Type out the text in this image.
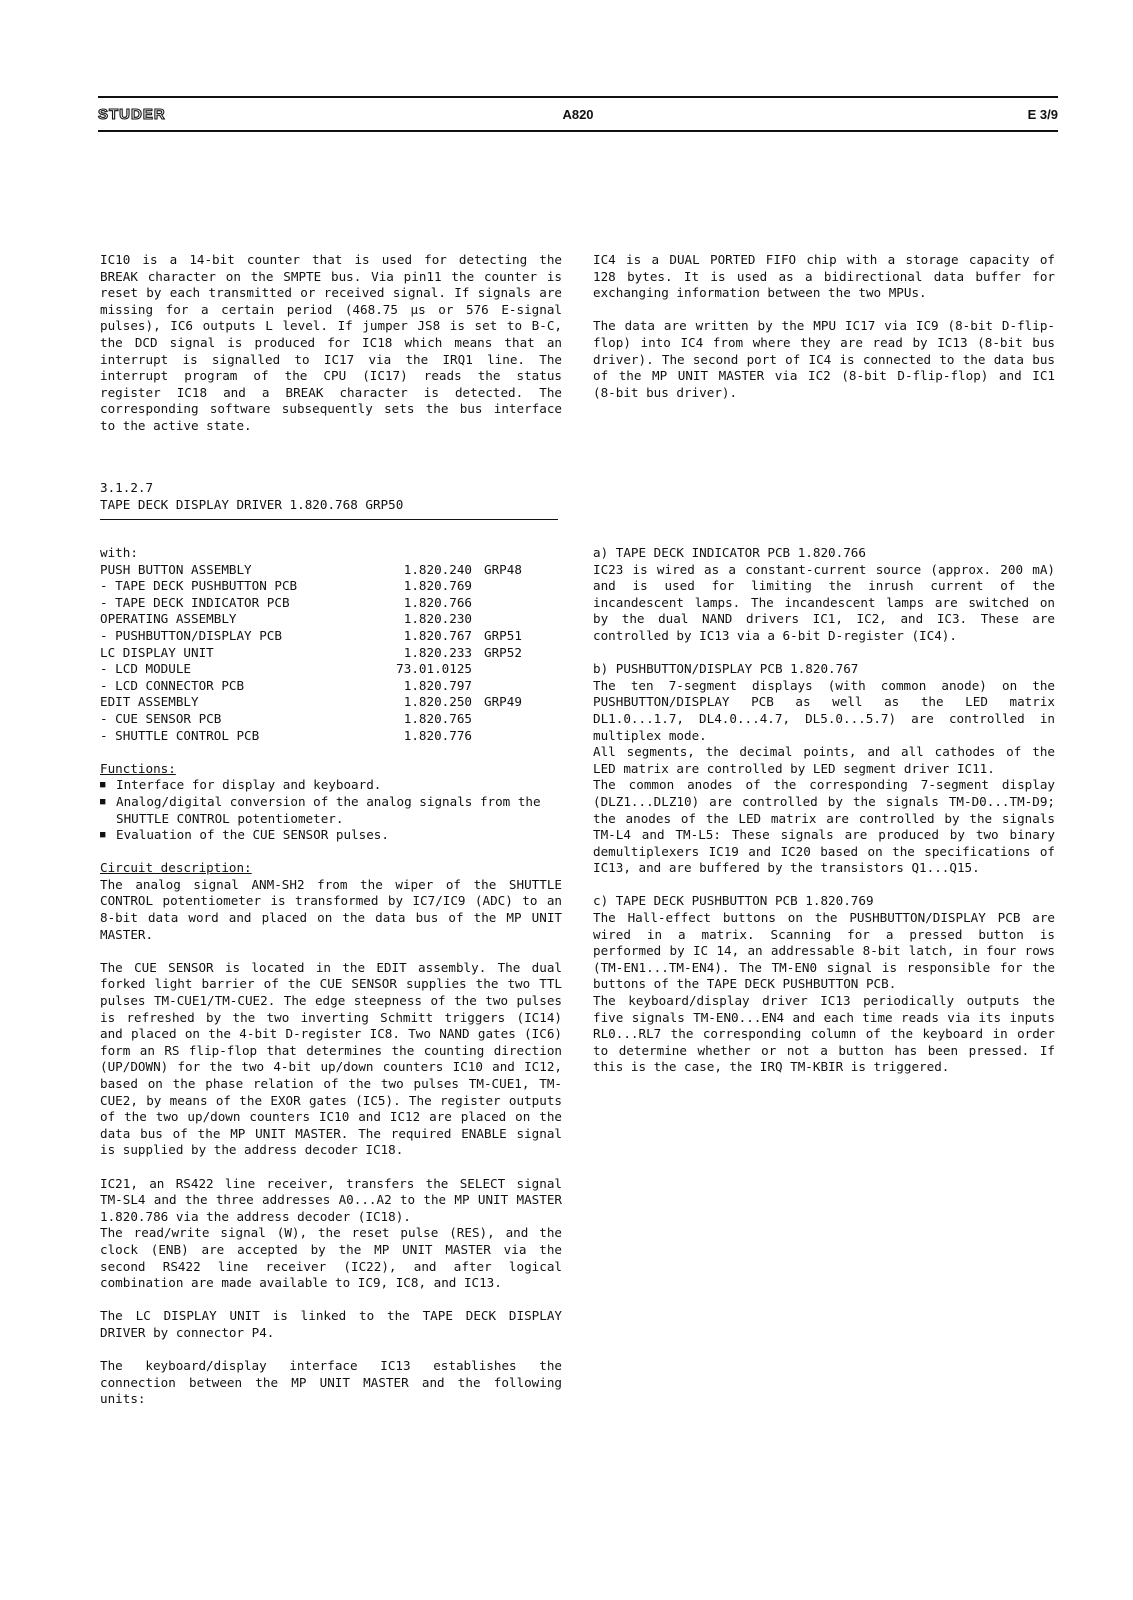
STUDER	A820	E 3/9

IC10 is a 14-bit counter that is used for detecting the BREAK character on the SMPTE bus. Via pin11 the counter is reset by each transmitted or received signal. If signals are missing for a certain period (468.75 µs or 576 E-signal pulses), IC6 outputs L level. If jumper JS8 is set to B-C, the DCD signal is produced for IC18 which means that an interrupt is signalled to IC17 via the IRQ1 line. The interrupt program of the CPU (IC17) reads the status register IC18 and a BREAK character is detected. The corresponding software subsequently sets the bus interface to the active state.

IC4 is a DUAL PORTED FIFO chip with a storage capacity of 128 bytes. It is used as a bidirectional data buffer for exchanging information between the two MPUs.

The data are written by the MPU IC17 via IC9 (8-bit D-flip-flop) into IC4 from where they are read by IC13 (8-bit bus driver). The second port of IC4 is connected to the data bus of the MP UNIT MASTER via IC2 (8-bit D-flip-flop) and IC1 (8-bit bus driver).

3.1.2.7

TAPE DECK DISPLAY DRIVER 1.820.768 GRP50

with:

PUSH BUTTON ASSEMBLY	1.820.240	GRP48
- TAPE DECK PUSHBUTTON PCB	1.820.769	
- TAPE DECK INDICATOR PCB	1.820.766	
OPERATING ASSEMBLY	1.820.230	
- PUSHBUTTON/DISPLAY PCB	1.820.767	GRP51
LC DISPLAY UNIT	1.820.233	GRP52
- LCD MODULE	73.01.0125	
- LCD CONNECTOR PCB	1.820.797	
EDIT ASSEMBLY	1.820.250	GRP49
- CUE SENSOR PCB	1.820.765	
- SHUTTLE CONTROL PCB	1.820.776	

Functions:

■ Interface for display and keyboard.
■ Analog/digital conversion of the analog signals from the SHUTTLE CONTROL potentiometer.
■ Evaluation of the CUE SENSOR pulses.

Circuit description:

The analog signal ANM-SH2 from the wiper of the SHUTTLE CONTROL potentiometer is transformed by IC7/IC9 (ADC) to an 8-bit data word and placed on the data bus of the MP UNIT MASTER.

The CUE SENSOR is located in the EDIT assembly. The dual forked light barrier of the CUE SENSOR supplies the two TTL pulses TM-CUE1/TM-CUE2. The edge steepness of the two pulses is refreshed by the two inverting Schmitt triggers (IC14) and placed on the 4-bit D-register IC8. Two NAND gates (IC6) form an RS flip-flop that determines the counting direction (UP/DOWN) for the two 4-bit up/down counters IC10 and IC12, based on the phase relation of the two pulses TM-CUE1, TM-CUE2, by means of the EXOR gates (IC5). The register outputs of the two up/down counters IC10 and IC12 are placed on the data bus of the MP UNIT MASTER. The required ENABLE signal is supplied by the address decoder IC18.

IC21, an RS422 line receiver, transfers the SELECT signal TM-SL4 and the three addresses A0...A2 to the MP UNIT MASTER 1.820.786 via the address decoder (IC18).

The read/write signal (W), the reset pulse (RES), and the clock (ENB) are accepted by the MP UNIT MASTER via the second RS422 line receiver (IC22), and after logical combination are made available to IC9, IC8, and IC13.

The LC DISPLAY UNIT is linked to the TAPE DECK DISPLAY DRIVER by connector P4.

The keyboard/display interface IC13 establishes the connection between the MP UNIT MASTER and the following units:

a) TAPE DECK INDICATOR PCB 1.820.766

IC23 is wired as a constant-current source (approx. 200 mA) and is used for limiting the inrush current of the incandescent lamps. The incandescent lamps are switched on by the dual NAND drivers IC1, IC2, and IC3. These are controlled by IC13 via a 6-bit D-register (IC4).

b) PUSHBUTTON/DISPLAY PCB 1.820.767

The ten 7-segment displays (with common anode) on the PUSHBUTTON/DISPLAY PCB as well as the LED matrix DL1.0...1.7, DL4.0...4.7, DL5.0...5.7) are controlled in multiplex mode.

All segments, the decimal points, and all cathodes of the LED matrix are controlled by LED segment driver IC11.

The common anodes of the corresponding 7-segment display (DLZ1...DLZ10) are controlled by the signals TM-D0...TM-D9; the anodes of the LED matrix are controlled by the signals TM-L4 and TM-L5: These signals are produced by two binary demultiplexers IC19 and IC20 based on the specifications of IC13, and are buffered by the transistors Q1...Q15.

c) TAPE DECK PUSHBUTTON PCB 1.820.769

The Hall-effect buttons on the PUSHBUTTON/DISPLAY PCB are wired in a matrix. Scanning for a pressed button is performed by IC 14, an addressable 8-bit latch, in four rows (TM-EN1...TM-EN4). The TM-EN0 signal is responsible for the buttons of the TAPE DECK PUSHBUTTON PCB.

The keyboard/display driver IC13 periodically outputs the five signals TM-EN0...EN4 and each time reads via its inputs RL0...RL7 the corresponding column of the keyboard in order to determine whether or not a button has been pressed. If this is the case, the IRQ TM-KBIR is triggered.
